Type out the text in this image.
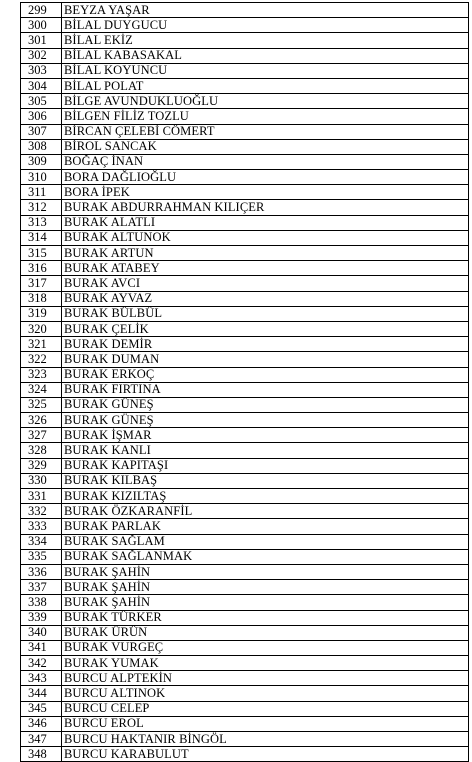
299	BEYZA YAŞAR
300	BİLAL DUYGUCU
301	BİLAL EKİZ
302	BİLAL KABASAKAL
303	BİLAL KOYUNCU
304	BİLAL POLAT
305	BİLGE AVUNDUKLUOĞLU
306	BİLGEN FİLİZ TOZLU
307	BİRCAN ÇELEBİ CÖMERT
308	BİROL SANCAK
309	BOĞAÇ İNAN
310	BORA DAĞLIOĞLU
311	BORA İPEK
312	BURAK ABDURRAHMAN KILIÇER
313	BURAK ALATLI
314	BURAK ALTUNOK
315	BURAK ARTUN
316	BURAK ATABEY
317	BURAK AVCI
318	BURAK AYVAZ
319	BURAK BÜLBÜL
320	BURAK ÇELİK
321	BURAK DEMİR
322	BURAK DUMAN
323	BURAK ERKOÇ
324	BURAK FIRTINA
325	BURAK GÜNEŞ
326	BURAK GÜNEŞ
327	BURAK İŞMAR
328	BURAK KANLI
329	BURAK KAPITAŞI
330	BURAK KILBAŞ
331	BURAK KIZILTAŞ
332	BURAK ÖZKARANFİL
333	BURAK PARLAK
334	BURAK SAĞLAM
335	BURAK SAĞLANMAK
336	BURAK ŞAHİN
337	BURAK ŞAHİN
338	BURAK ŞAHİN
339	BURAK TÜRKER
340	BURAK ÜRÜN
341	BURAK VURGEÇ
342	BURAK YUMAK
343	BURCU ALPTEKİN
344	BURCU ALTINOK
345	BURCU CELEP
346	BURCU EROL
347	BURCU HAKTANIR BİNGÖL
348	BURCU KARABULUT
